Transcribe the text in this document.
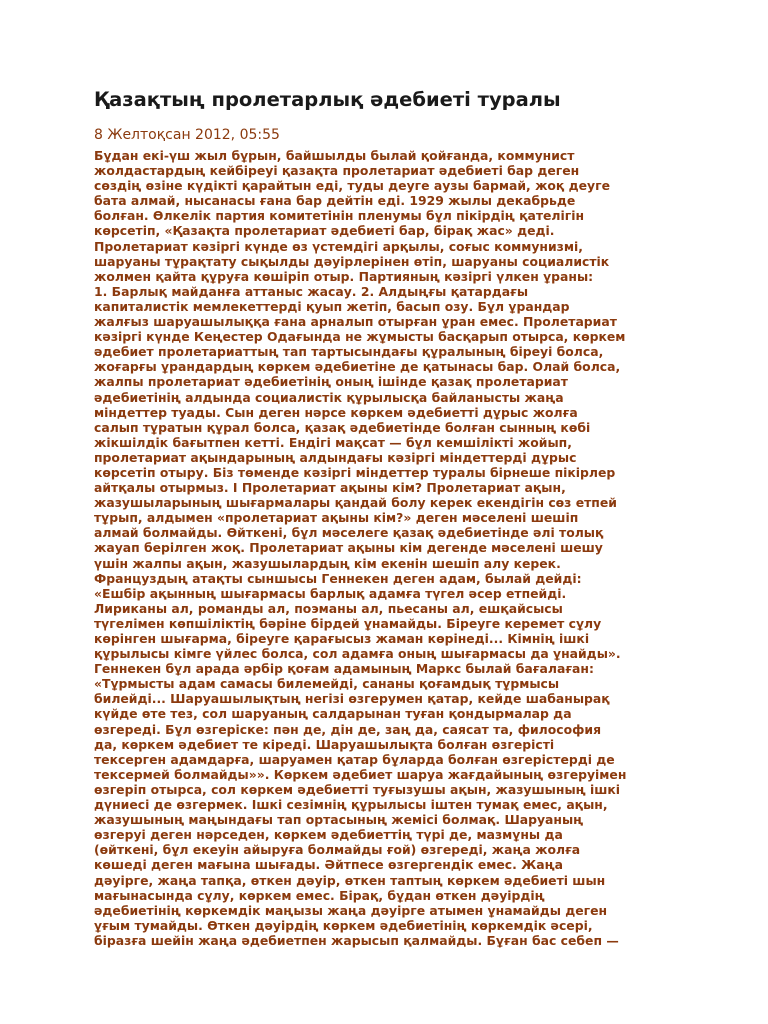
Қазақтың пролетарлық әдебиеті туралы
8 Желтоқсан 2012, 05:55
Бұдан екі-үш жыл бұрын, байшылды былай қойғанда, коммунист
жолдастардың кейбіреуі қазақта пролетариат әдебиеті бар деген
сөздің өзіне күдікті қарайтын еді, туды деуге аузы бармай, жоқ деуге
бата алмай, нысанасы ғана бар дейтін еді. 1929 жылы декабрьде
болған. Өлкелік партия комитетінін пленумы бұл пікірдің қателігін
көрсетіп, «Қазақта пролетариат әдебиеті бар, бірақ жас» деді.
Пролетариат кәзіргі күнде өз үстемдігі арқылы, соғыс коммунизмі,
шаруаны тұрақтату сықылды дәуірлерінен өтіп, шаруаны социалистік
жолмен қайта құруға көшіріп отыр. Партияның кәзіргі үлкен ұраны:
1. Барлық майданға аттаныс жасау. 2. Алдыңғы қатардағы
капиталистік мемлекеттерді қуып жетіп, басып озу. Бұл ұрандар
жалғыз шаруашылыққа ғана арналып отырған ұран емес. Пролетариат
кәзіргі күнде Кеңестер Одағында не жұмысты басқарып отырса, көркем
әдебиет пролетариаттың тап тартысындағы құралының біреуі болса,
жоғарғы ұрандардың көркем әдебиетіне де қатынасы бар. Олай болса,
жалпы пролетариат әдебиетінің оның ішінде қазақ пролетариат
әдебиетінің алдында социалистік құрылысқа байланысты жаңа
міндеттер туады. Сын деген нәрсе көркем әдебиетті дұрыс жолға
салып тұратын құрал болса, қазақ әдебиетінде болған сынның көбі
жікшілдік бағытпен кетті. Ендігі мақсат — бұл кемшілікті жойып,
пролетариат ақындарының алдындағы кәзіргі міндеттерді дұрыс
көрсетіп отыру. Біз төменде кәзіргі міндеттер туралы бірнеше пікірлер
айтқалы отырмыз. I Пролетариат ақыны кім? Пролетариат ақын,
жазушыларының шығармалары қандай болу керек екендігін сөз етпей
тұрып, алдымен «пролетариат ақыны кім?» деген мәселені шешіп
алмай болмайды. Өйткені, бұл мәселеге қазақ әдебиетінде әлі толық
жауап берілген жоқ. Пролетариат ақыны кім дегенде мәселені шешу
үшін жалпы ақын, жазушылардың кім екенін шешіп алу керек.
Француздың атақты сыншысы Геннекен деген адам, былай дейді:
«Ешбір ақынның шығармасы барлық адамға түгел әсер етпейді.
Лириканы ал, романды ал, поэманы ал, пьесаны ал, ешқайсысы
түгелімен көпшіліктің бәріне бірдей ұнамайды. Біреуге керемет сұлу
көрінген шығарма, біреуге қарағысыз жаман көрінеді... Кімнің ішкі
құрылысы кімге үйлес болса, сол адамға оның шығармасы да ұнайды».
Геннекен бұл арада әрбір қоғам адамының Маркс былай бағалаған:
«Тұрмысты адам самасы билемейді, сананы қоғамдық тұрмысы
билейді... Шаруашылықтың негізі өзгерумен қатар, кейде шабанырақ
күйде өте тез, сол шаруаның салдарынан туған қондырмалар да
өзгереді. Бұл өзгеріске: пән де, дін де, заң да, саясат та, философия
да, көркем әдебиет те кіреді. Шаруашылықта болған өзгерісті
тексерген адамдарға, шаруамен қатар бұларда болған өзгерістерді де
тексермей болмайды»». Көркем әдебиет шаруа жағдайының өзгеруімен
өзгеріп отырса, сол көркем әдебиетті туғызушы ақын, жазушының ішкі
дүниесі де өзгермек. Ішкі сезімнің құрылысы іштен тумақ емес, ақын,
жазушының маңындағы тап ортасының жемісі болмақ. Шаруаның
өзгеруі деген нәрседен, көркем әдебиеттің түрі де, мазмұны да
(өйткені, бұл екеуін айыруға болмайды ғой) өзгереді, жаңа жолға
көшеді деген мағына шығады. Әйтпесе өзгергендік емес. Жаңа
дәуірге, жаңа тапқа, өткен дәуір, өткен таптың көркем әдебиеті шын
мағынасында сұлу, көркем емес. Бірақ, бұдан өткен дәуірдің
әдебиетінің көркемдік маңызы жаңа дәуірге атымен ұнамайды деген
ұғым тумайды. Өткен дәуірдің көркем әдебиетінің көркемдік әсері,
біразға шейін жаңа әдебиетпен жарысып қалмайды. Бұған бас себеп —
